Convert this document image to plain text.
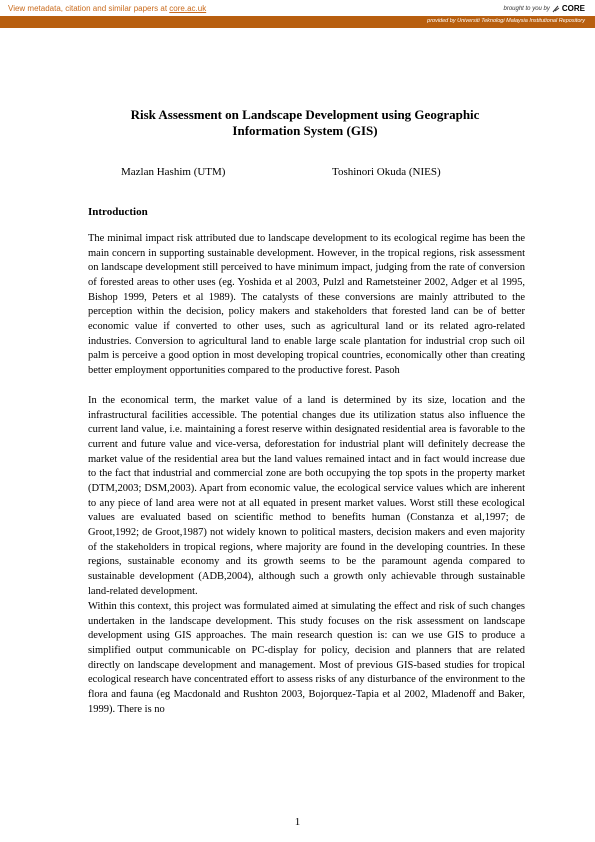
View metadata, citation and similar papers at core.ac.uk	brought to you by CORE
provided by Universiti Teknologi Malaysia Institutional Repository
Risk Assessment on Landscape Development using Geographic Information System (GIS)
Mazlan Hashim (UTM)	Toshinori Okuda (NIES)
Introduction

The minimal impact risk attributed due to landscape development to its ecological regime has been the main concern in supporting sustainable development. However, in the tropical regions, risk assessment on landscape development still perceived to have minimum impact, judging from the rate of conversion of forested areas to other uses (eg. Yoshida et al 2003, Pulzl and Rametsteiner 2002, Adger et al 1995, Bishop 1999, Peters et al 1989). The catalysts of these conversions are mainly attributed to the perception within the decision, policy makers and stakeholders that forested land can be of better economic value if converted to other uses, such as agricultural land or its related agro-related industries. Conversion to agricultural land to enable large scale plantation for industrial crop such oil palm is perceive a good option in most developing tropical countries, economically other than creating better employment opportunities compared to the productive forest. Pasoh

In the economical term, the market value of a land is determined by its size, location and the infrastructural facilities accessible. The potential changes due its utilization status also influence the current land value, i.e. maintaining a forest reserve within designated residential area is favorable to the current and future value and vice-versa, deforestation for industrial plant will definitely decrease the market value of the residential area but the land values remained intact and in fact would increase due to the fact that industrial and commercial zone are both occupying the top spots in the property market (DTM,2003; DSM,2003). Apart from economic value, the ecological service values which are inherent to any piece of land area were not at all equated in present market values. Worst still these ecological values are evaluated based on scientific method to benefits human (Constanza et al,1997; de Groot,1992; de Groot,1987) not widely known to political masters, decision makers and even majority of the stakeholders in tropical regions, where majority are found in the developing countries. In these regions, sustainable economy and its growth seems to be the paramount agenda compared to sustainable development (ADB,2004), although such a growth only achievable through sustainable land-related development.

Within this context, this project was formulated aimed at simulating the effect and risk of such changes undertaken in the landscape development. This study focuses on the risk assessment on landscape development using GIS approaches. The main research question is: can we use GIS to produce a simplified output communicable on PC-display for policy, decision and planners that are related directly on landscape development and management. Most of previous GIS-based studies for tropical ecological research have concentrated effort to assess risks of any disturbance of the environment to the flora and fauna (eg Macdonald and Rushton 2003, Bojorquez-Tapia et al 2002, Mladenoff and Baker, 1999). There is no

1
